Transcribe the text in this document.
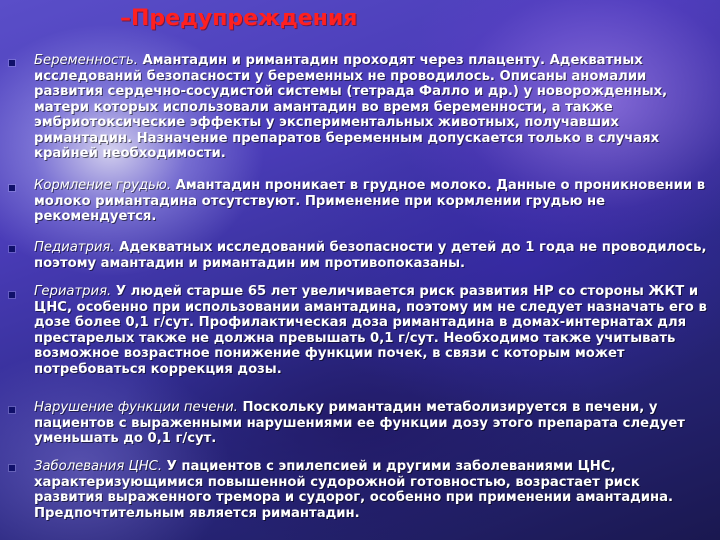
–Предупреждения

Беременность. Амантадин и римантадин проходят через плаценту. Адекватных исследований безопасности у беременных не проводилось. Описаны аномалии развития сердечно-сосудистой системы (тетрада Фалло и др.) у новорожденных, матери которых использовали амантадин во время беременности, а также эмбриотоксические эффекты у экспериментальных животных, получавших римантадин. Назначение препаратов беременным допускается только в случаях крайней необходимости.

Кормление грудью. Амантадин проникает в грудное молоко. Данные о проникновении в молоко римантадина отсутствуют. Применение при кормлении грудью не рекомендуется.

Педиатрия. Адекватных исследований безопасности у детей до 1 года не проводилось, поэтому амантадин и римантадин им противопоказаны.

Гериатрия. У людей старше 65 лет увеличивается риск развития НР со стороны ЖКТ и ЦНС, особенно при использовании амантадина, поэтому им не следует назначать его в дозе более 0,1 г/сут. Профилактическая доза римантадина в домах-интернатах для престарелых также не должна превышать 0,1 г/сут. Необходимо также учитывать возможное возрастное понижение функции почек, в связи с которым может потребоваться коррекция дозы.

Нарушение функции печени. Поскольку римантадин метаболизируется в печени, у пациентов с выраженными нарушениями ее функции дозу этого препарата следует уменьшать до 0,1 г/сут.

Заболевания ЦНС. У пациентов с эпилепсией и другими заболеваниями ЦНС, характеризующимися повышенной судорожной готовностью, возрастает риск развития выраженного тремора и судорог, особенно при применении амантадина. Предпочтительным является римантадин.
